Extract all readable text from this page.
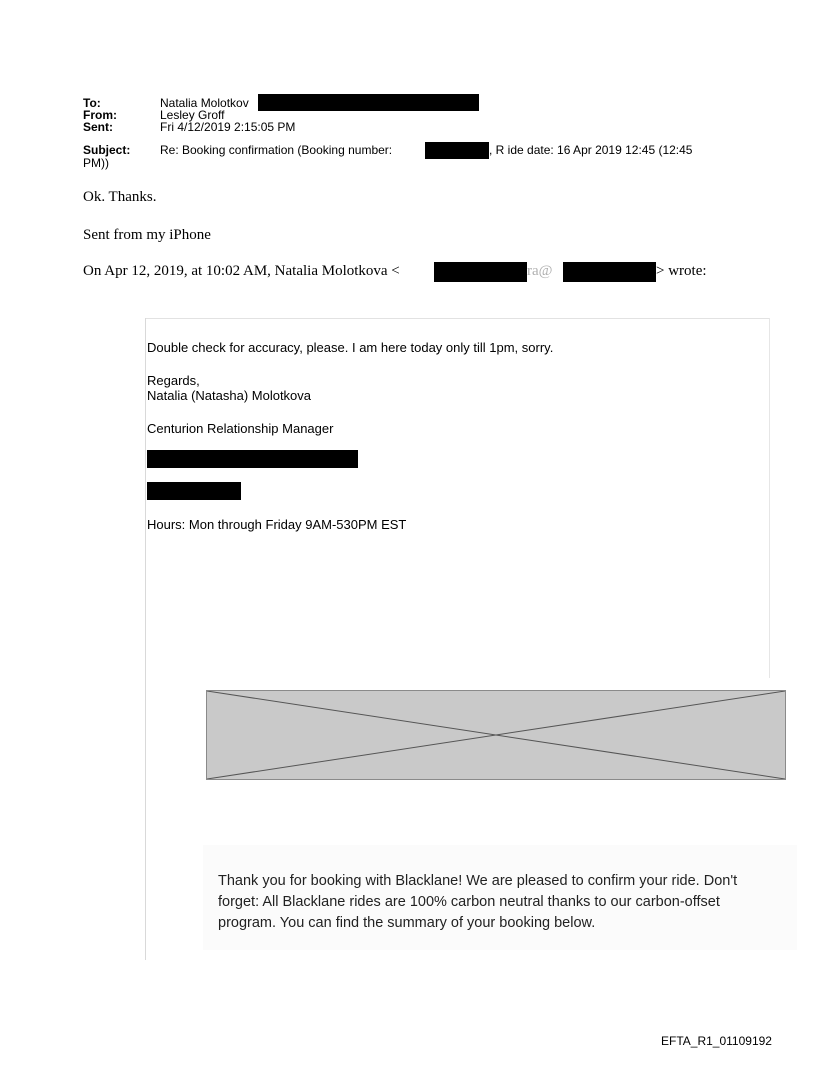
To:	Natalia Molotkov
From:	Lesley Groff
Sent:	Fri 4/12/2019 2:15:05 PM
Subject: Re: Booking confirmation (Booking number:	, R ide date: 16 Apr 2019 12:45 (12:45
PM))
Ok. Thanks.
Sent from my iPhone
On Apr 12, 2019, at 10:02 AM, Natalia Molotkova <	ra@	> wrote:
Double check for accuracy, please. I am here today only till 1pm, sorry.
Regards,
Natalia (Natasha) Molotkova
Centurion Relationship Manager
Hours: Mon through Friday 9AM-530PM EST
Thank you for booking with Blacklane! We are pleased to confirm your ride. Don't
forget: All Blacklane rides are 100% carbon neutral thanks to our carbon-offset
program. You can find the summary of your booking below.
EFTA_R1_01109192
